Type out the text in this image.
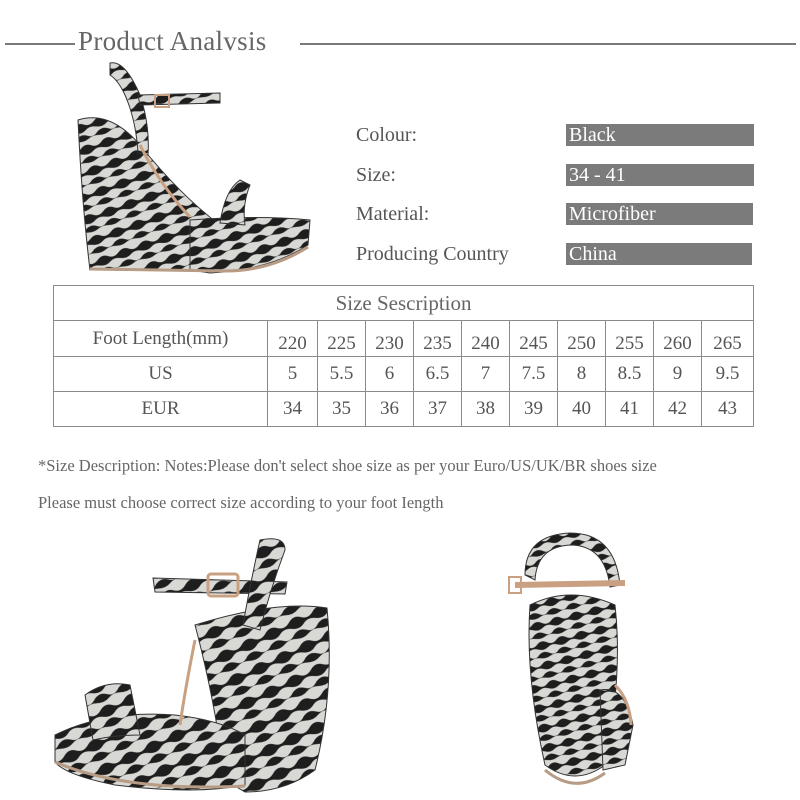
Product Analvsis
Colour:	Black
Size:	34 - 41
Material:	Microfiber
Producing Country	China
Size Sescription										
Foot Length(mm)	220	225	230	235	240	245	250	255	260	265
US	5	5.5	6	6.5	7	7.5	8	8.5	9	9.5
EUR	34	35	36	37	38	39	40	41	42	43
*Size Description: Notes:Please don't select shoe size as per your Euro/US/UK/BR shoes size
Please must choose correct size according to your foot Iength
